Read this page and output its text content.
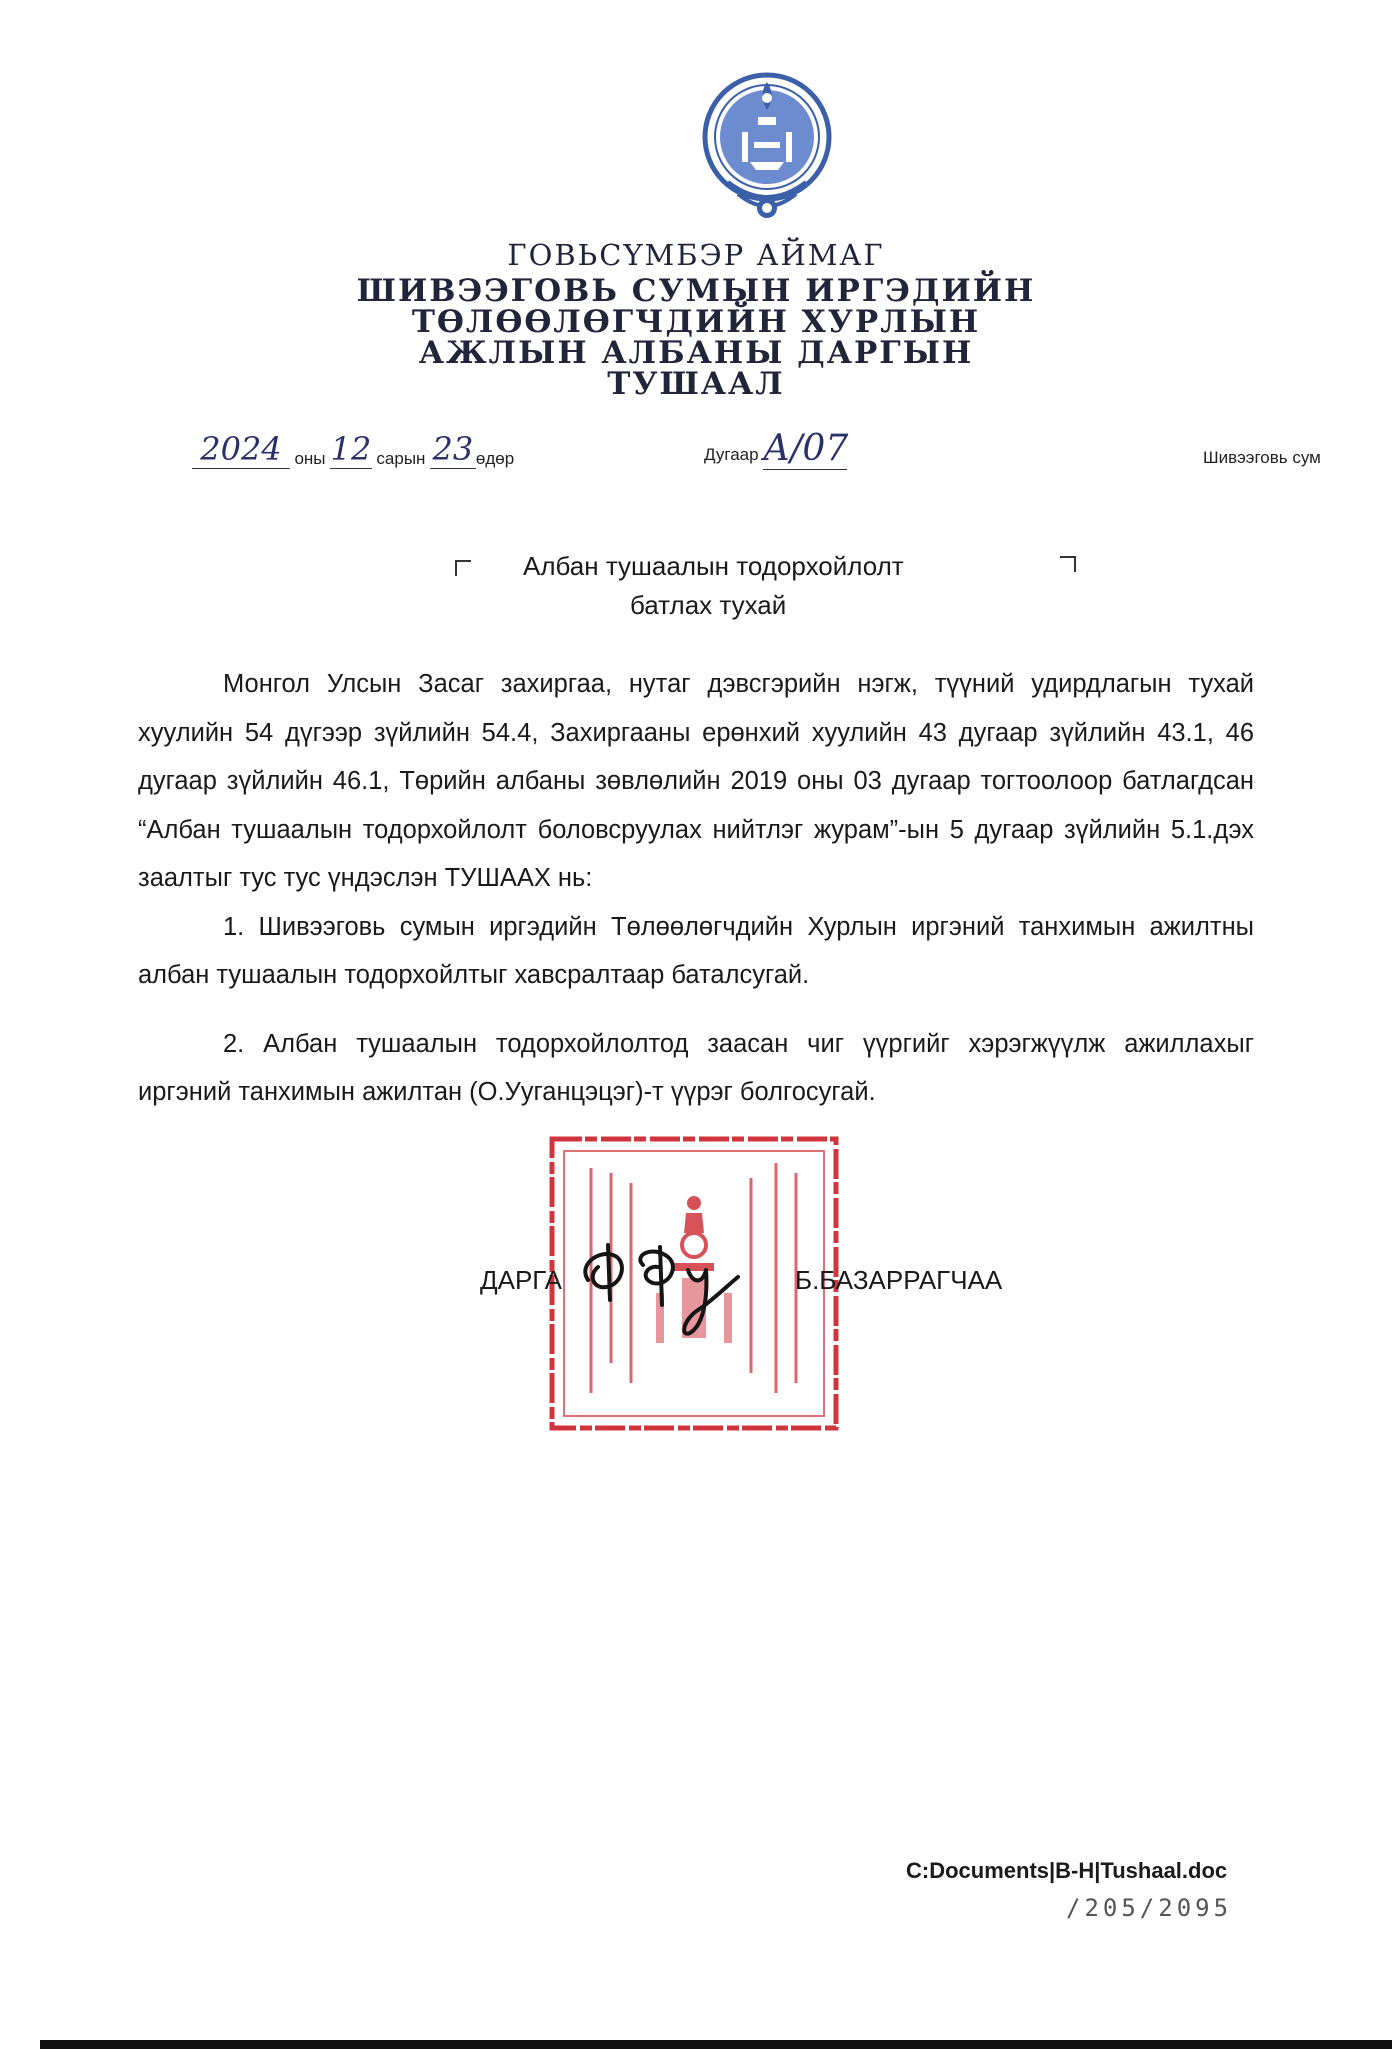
ГОВЬСҮМБЭР АЙМАГ
ШИВЭЭГОВЬ СУМЫН ИРГЭДИЙН
ТӨЛӨӨЛӨГЧДИЙН ХУРЛЫН
АЖЛЫН АЛБАНЫ ДАРГЫН
ТУШААЛ
2024 оны 12 сарын 23 өдөр	Дугаар А/07	Шивээговь сум
Албан тушаалын тодорхойлолт
батлах тухай

Монгол Улсын Засаг захиргаа, нутаг дэвсгэрийн нэгж, түүний удирдлагын тухай хуулийн 54 дүгээр зүйлийн 54.4, Захиргааны ерөнхий хуулийн 43 дугаар зүйлийн 43.1, 46 дугаар зүйлийн 46.1, Төрийн албаны зөвлөлийн 2019 оны 03 дугаар тогтоолоор батлагдсан “Албан тушаалын тодорхойлолт боловсруулах нийтлэг журам”-ын 5 дугаар зүйлийн 5.1.дэх заалтыг тус тус үндэслэн ТУШААХ нь:

1. Шивээговь сумын иргэдийн Төлөөлөгчдийн Хурлын иргэний танхимын ажилтны албан тушаалын тодорхойлтыг хавсралтаар баталсугай.

2. Албан тушаалын тодорхойлолтод заасан чиг үүргийг хэрэгжүүлж ажиллахыг иргэний танхимын ажилтан (О.Ууганцэцэг)-т үүрэг болгосугай.

ДАРГА	Б.БАЗАРРАГЧАА
C:Documents|B-H|Tushaal.doc
/205/2095
